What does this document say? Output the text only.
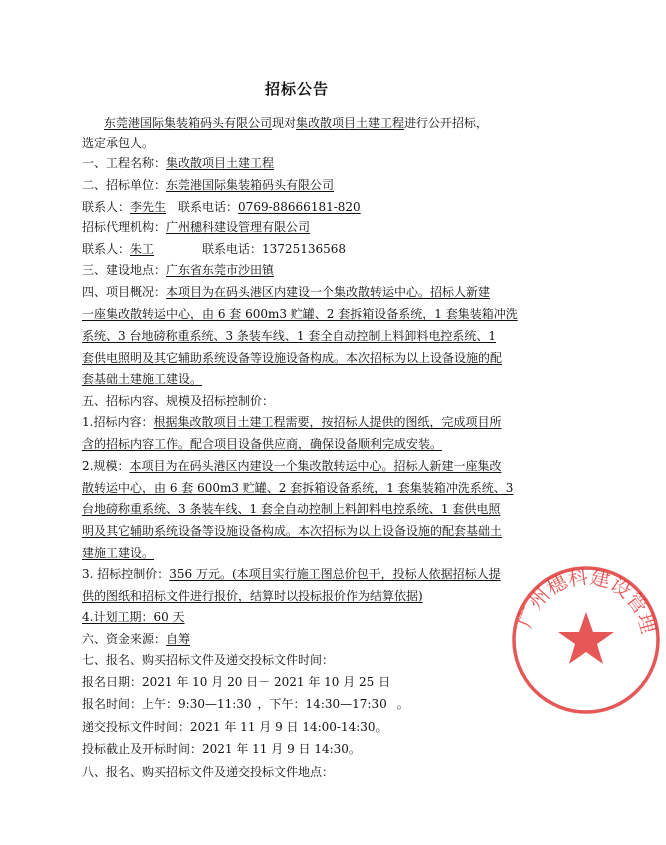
招标公告
东莞港国际集装箱码头有限公司现对集改散项目土建工程进行公开招标，
选定承包人。
一、工程名称：集改散项目土建工程
二、招标单位：东莞港国际集装箱码头有限公司
联系人：李先生 联系电话：0769-88666181-820
招标代理机构：广州穗科建设管理有限公司
联系人：朱工	联系电话：13725136568
三、建设地点：广东省东莞市沙田镇
四、项目概况：本项目为在码头港区内建设一个集改散转运中心。招标人新建
一座集改散转运中心，由 6 套 600m3 贮罐、2 套拆箱设备系统，1 套集装箱冲洗
系统、3 台地磅称重系统、3 条装车线、1 套全自动控制上料卸料电控系统、1
套供电照明及其它辅助系统设备等设施设备构成。本次招标为以上设备设施的配
套基础土建施工建设。
五、招标内容、规模及招标控制价：
1.招标内容：根据集改散项目土建工程需要，按招标人提供的图纸，完成项目所
含的招标内容工作。配合项目设备供应商，确保设备顺利完成安装。
2.规模：本项目为在码头港区内建设一个集改散转运中心。招标人新建一座集改
散转运中心，由 6 套 600m3 贮罐、2 套拆箱设备系统，1 套集装箱冲洗系统、3
台地磅称重系统、3 条装车线、1 套全自动控制上料卸料电控系统、1 套供电照
明及其它辅助系统设备等设施设备构成。本次招标为以上设备设施的配套基础土
建施工建设。
3. 招标控制价：356 万元。(本项目实行施工图总价包干，投标人依据招标人提
供的图纸和招标文件进行报价，结算时以投标报价作为结算依据)
4.计划工期：60 天
六、资金来源：自筹
七、报名、购买招标文件及递交投标文件时间：
报名日期：2021 年 10 月 20 日－ 2021 年 10 月 25 日
报名时间：上午：9:30—11:30 ，下午：14:30—17:30 。
递交投标文件时间：2021 年 11 月 9 日 14:00-14:30。
投标截止及开标时间：2021 年 11 月 9 日 14:30。
八、报名、购买招标文件及递交投标文件地点：
广州穗科建设管理
